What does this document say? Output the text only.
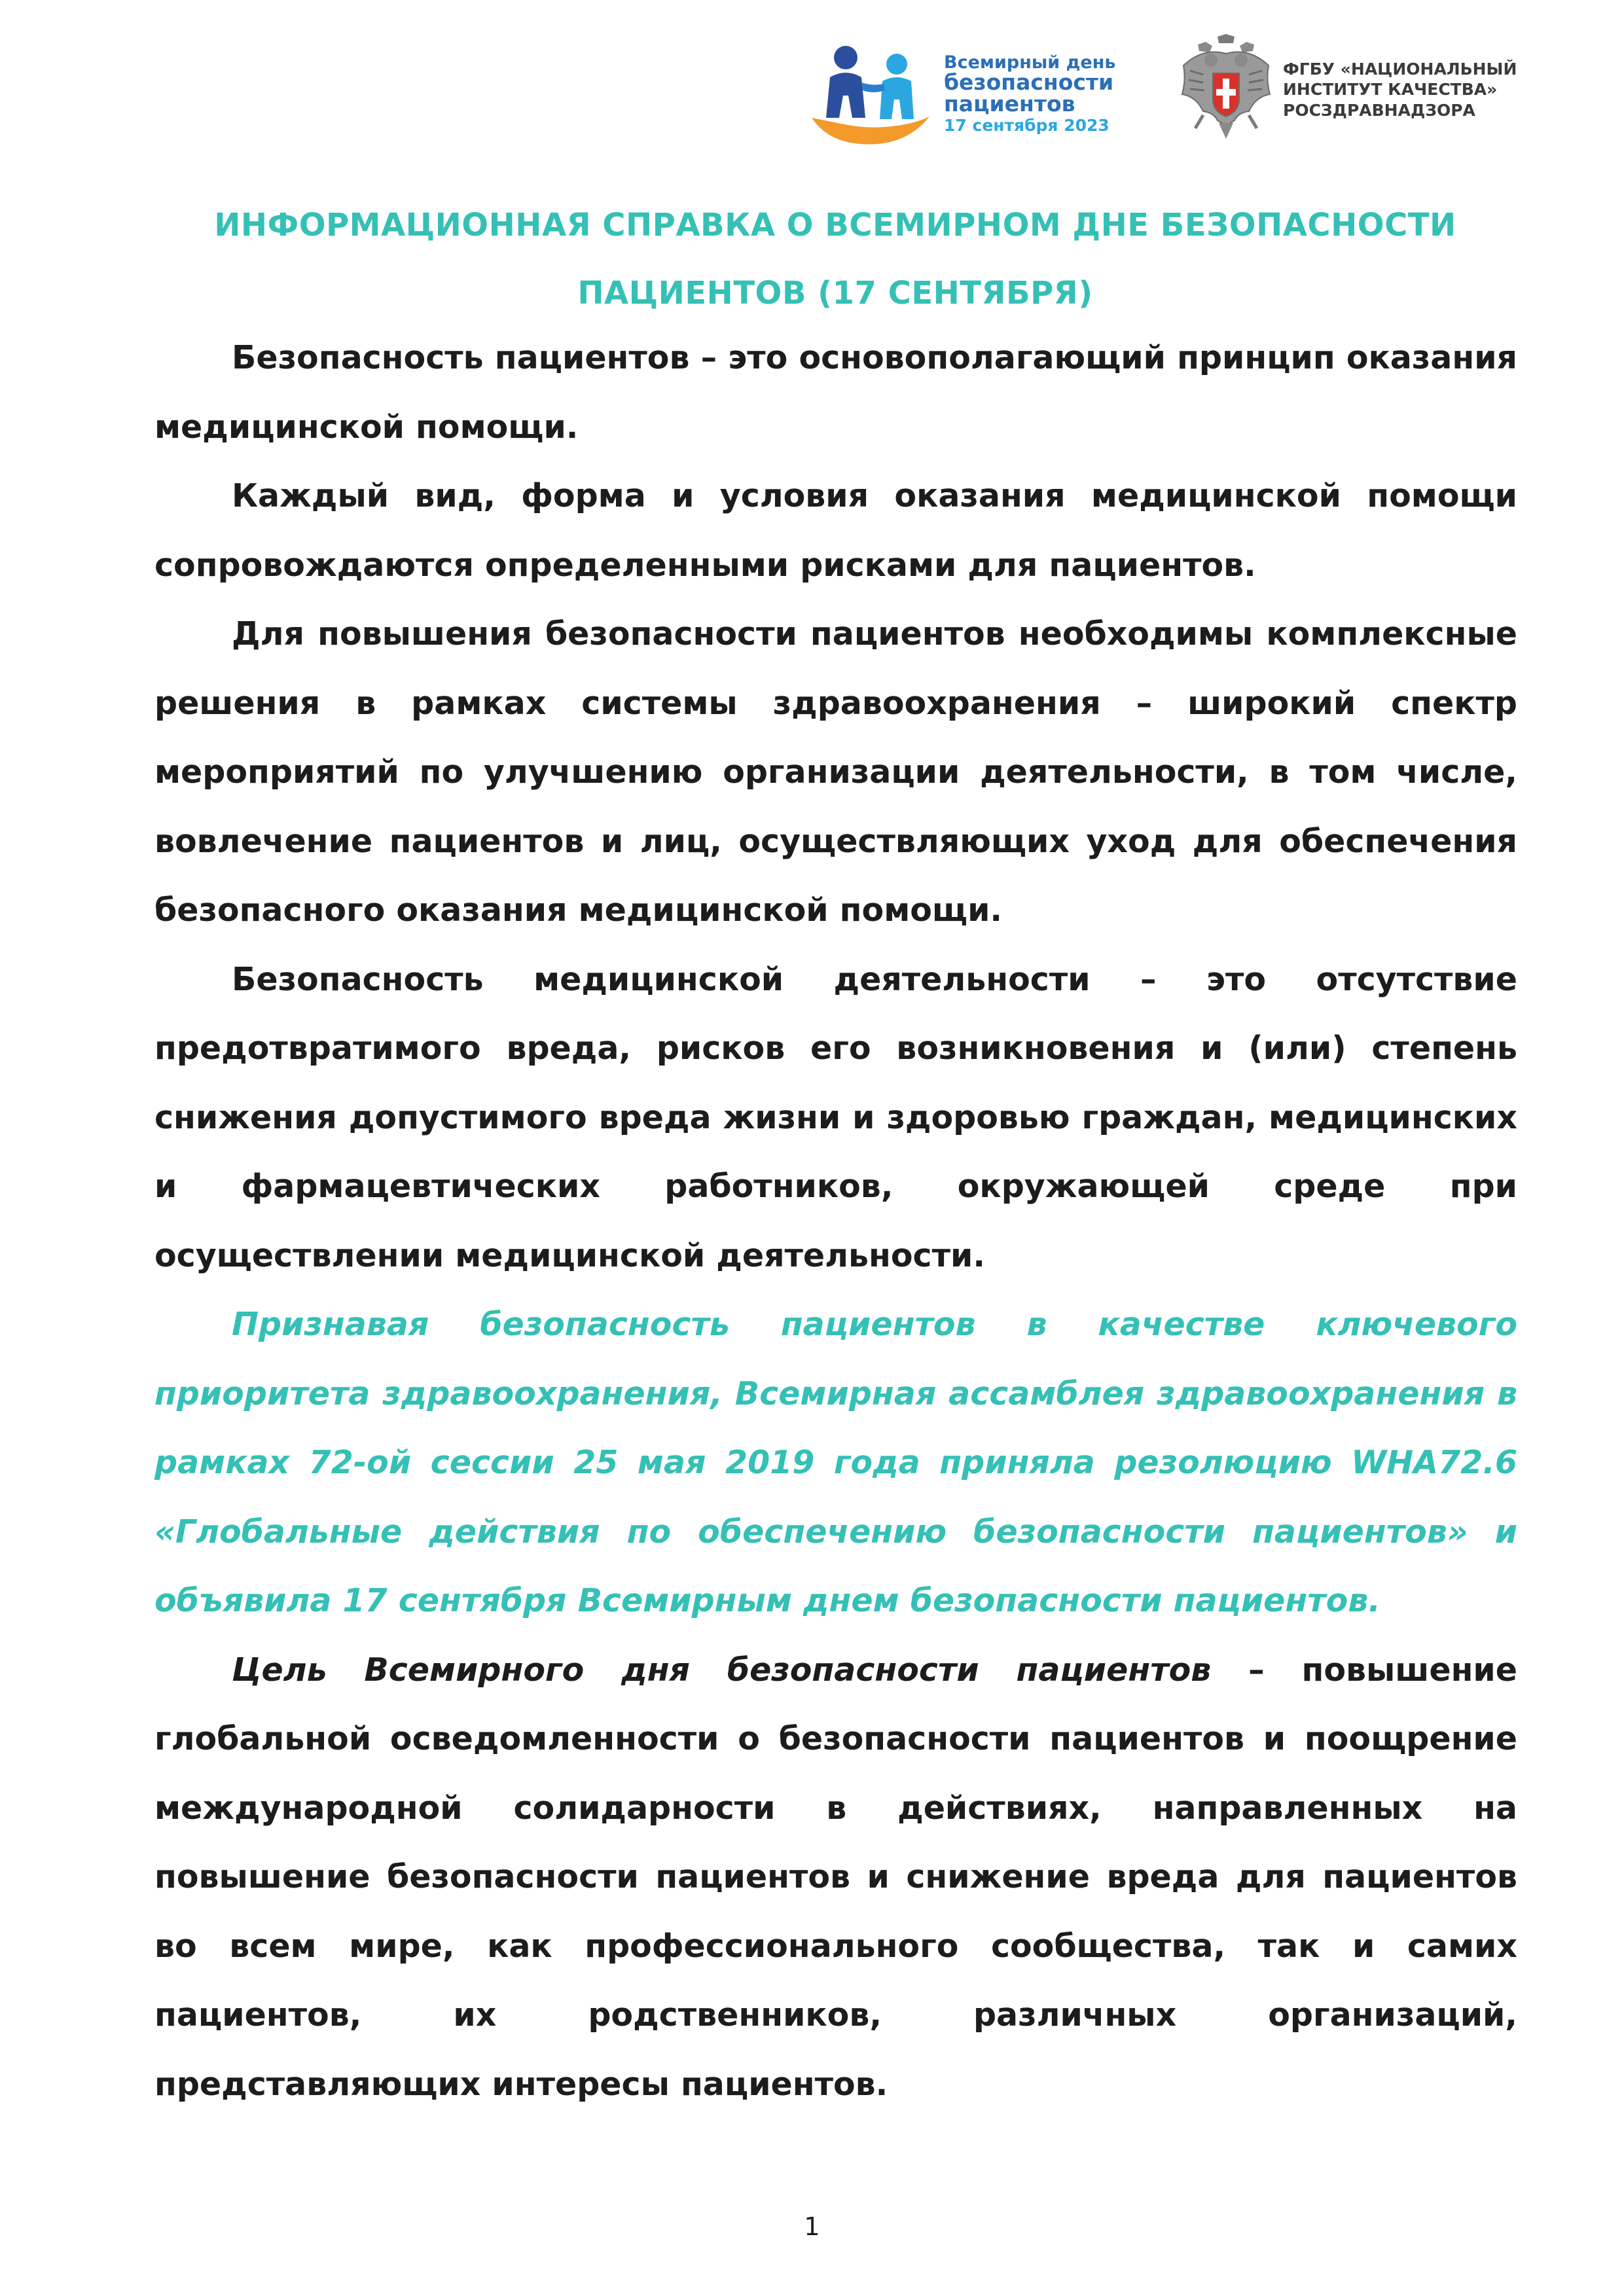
Всемирный день
безопасности
пациентов
17 сентября 2023
ФГБУ «НАЦИОНАЛЬНЫЙ
ИНСТИТУТ КАЧЕСТВА»
РОСЗДРАВНАДЗОРА
ИНФОРМАЦИОННАЯ СПРАВКА О ВСЕМИРНОМ ДНЕ БЕЗОПАСНОСТИ
ПАЦИЕНТОВ (17 СЕНТЯБРЯ)

Безопасность пациентов – это основополагающий принцип оказания медицинской помощи.

Каждый вид, форма и условия оказания медицинской помощи сопровождаются определенными рисками для пациентов.

Для повышения безопасности пациентов необходимы комплексные решения в рамках системы здравоохранения – широкий спектр мероприятий по улучшению организации деятельности, в том числе, вовлечение пациентов и лиц, осуществляющих уход для обеспечения безопасного оказания медицинской помощи.

Безопасность медицинской деятельности – это отсутствие предотвратимого вреда, рисков его возникновения и (или) степень снижения допустимого вреда жизни и здоровью граждан, медицинских и фармацевтических работников, окружающей среде при осуществлении медицинской деятельности.

Признавая безопасность пациентов в качестве ключевого приоритета здравоохранения, Всемирная ассамблея здравоохранения в рамках 72-ой сессии 25 мая 2019 года приняла резолюцию WHA72.6 «Глобальные действия по обеспечению безопасности пациентов» и объявила 17 сентября Всемирным днем безопасности пациентов.

Цель Всемирного дня безопасности пациентов – повышение глобальной осведомленности о безопасности пациентов и поощрение международной солидарности в действиях, направленных на повышение безопасности пациентов и снижение вреда для пациентов во всем мире, как профессионального сообщества, так и самих пациентов, их родственников, различных организаций, представляющих интересы пациентов.

1
